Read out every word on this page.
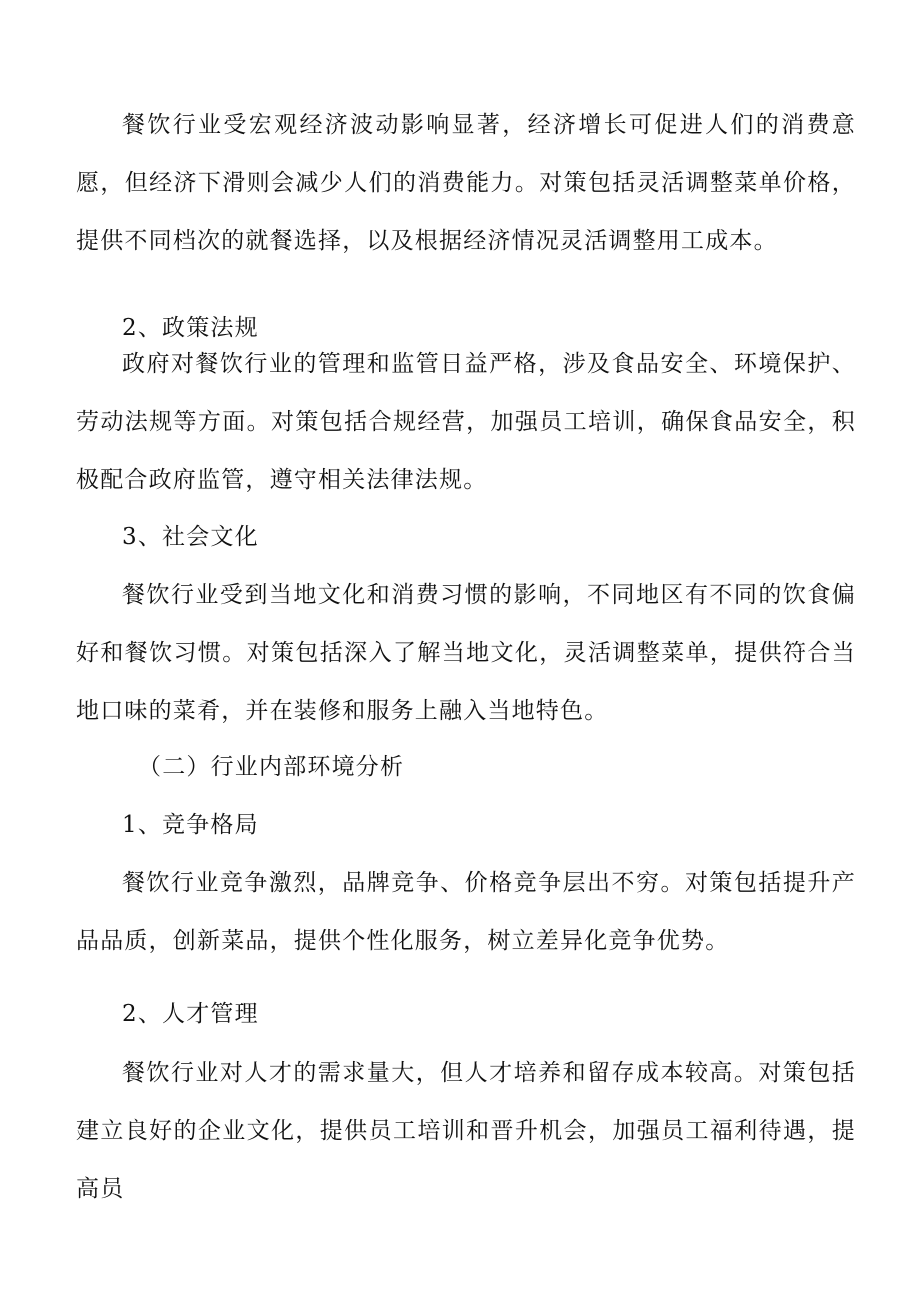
餐饮行业受宏观经济波动影响显著，经济增长可促进人们的消费意愿，但经济下滑则会减少人们的消费能力。对策包括灵活调整菜单价格，提供不同档次的就餐选择，以及根据经济情况灵活调整用工成本。
2、政策法规
政府对餐饮行业的管理和监管日益严格，涉及食品安全、环境保护、劳动法规等方面。对策包括合规经营，加强员工培训，确保食品安全，积极配合政府监管，遵守相关法律法规。
3、社会文化
餐饮行业受到当地文化和消费习惯的影响，不同地区有不同的饮食偏好和餐饮习惯。对策包括深入了解当地文化，灵活调整菜单，提供符合当地口味的菜肴，并在装修和服务上融入当地特色。
（二）行业内部环境分析
1、竞争格局
餐饮行业竞争激烈，品牌竞争、价格竞争层出不穷。对策包括提升产品品质，创新菜品，提供个性化服务，树立差异化竞争优势。
2、人才管理
餐饮行业对人才的需求量大，但人才培养和留存成本较高。对策包括建立良好的企业文化，提供员工培训和晋升机会，加强员工福利待遇，提高员
